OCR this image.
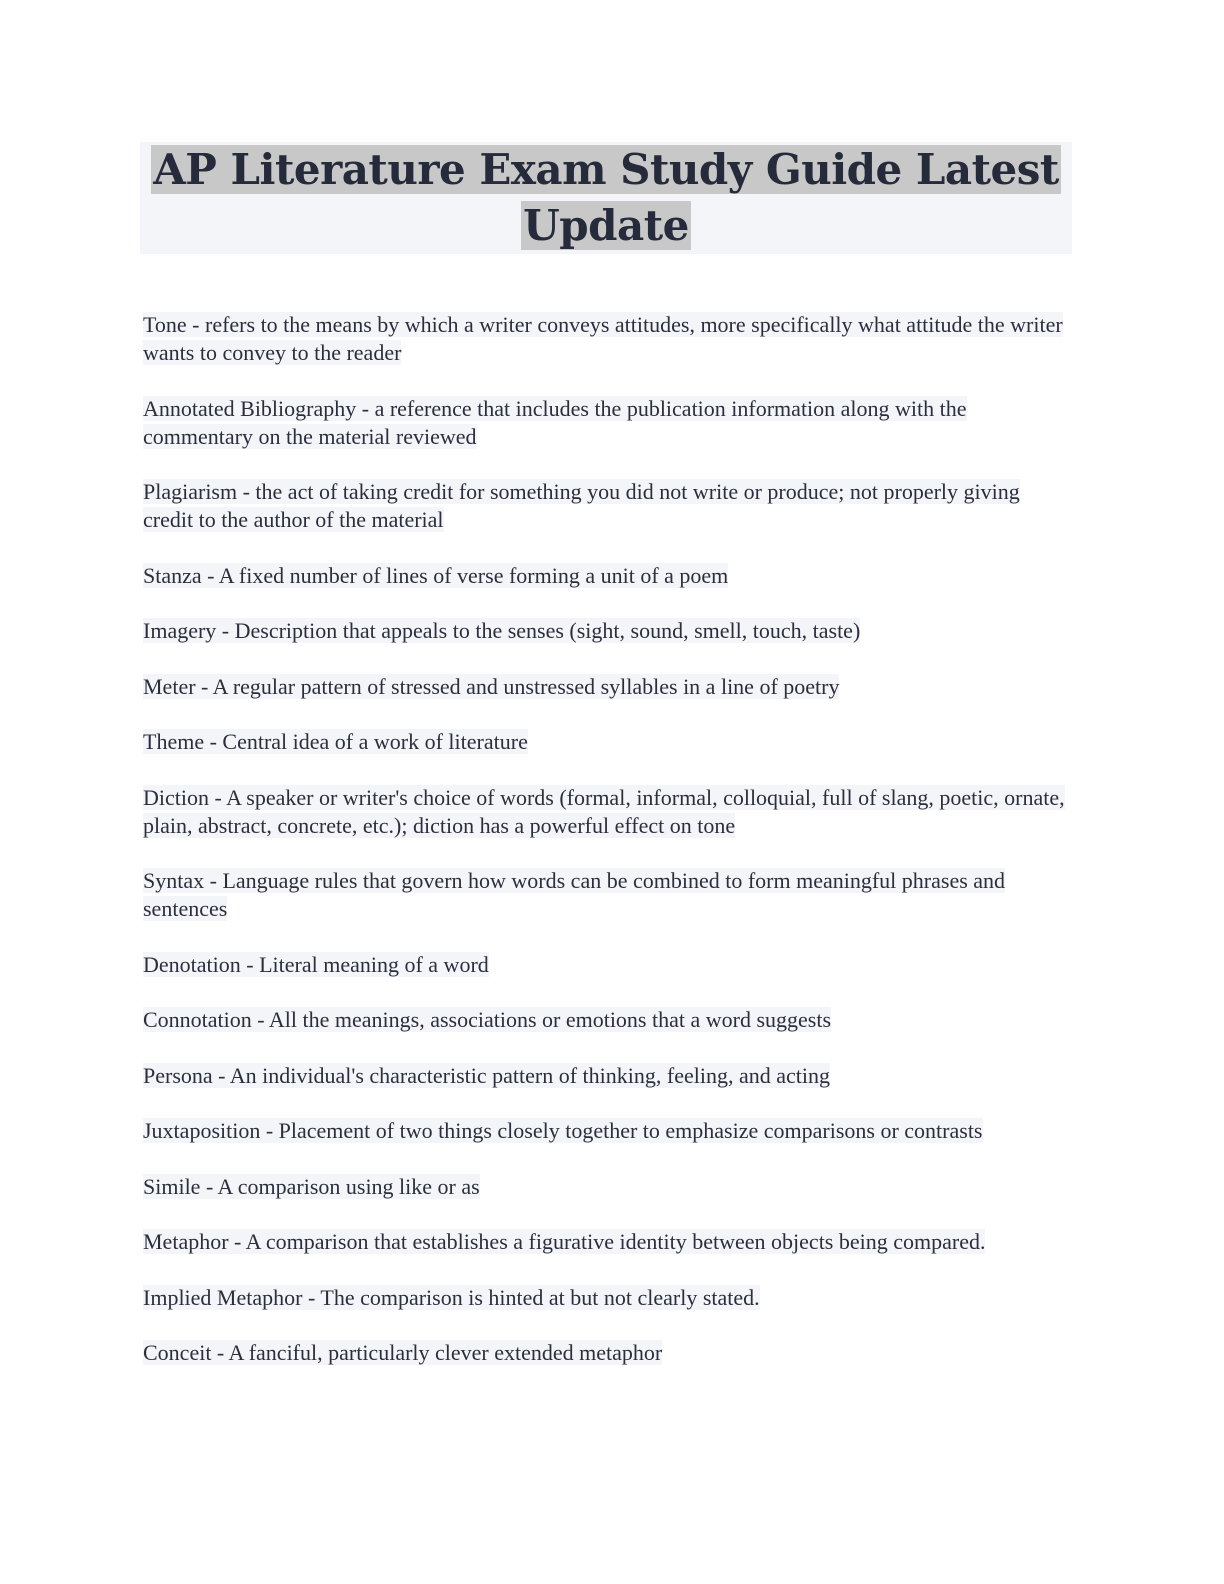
AP Literature Exam Study Guide Latest Update

Tone - refers to the means by which a writer conveys attitudes, more specifically what attitude the writer wants to convey to the reader

Annotated Bibliography - a reference that includes the publication information along with the commentary on the material reviewed

Plagiarism - the act of taking credit for something you did not write or produce; not properly giving credit to the author of the material

Stanza - A fixed number of lines of verse forming a unit of a poem

Imagery - Description that appeals to the senses (sight, sound, smell, touch, taste)

Meter - A regular pattern of stressed and unstressed syllables in a line of poetry

Theme - Central idea of a work of literature

Diction - A speaker or writer's choice of words (formal, informal, colloquial, full of slang, poetic, ornate, plain, abstract, concrete, etc.); diction has a powerful effect on tone

Syntax - Language rules that govern how words can be combined to form meaningful phrases and sentences

Denotation - Literal meaning of a word

Connotation - All the meanings, associations or emotions that a word suggests

Persona - An individual's characteristic pattern of thinking, feeling, and acting

Juxtaposition - Placement of two things closely together to emphasize comparisons or contrasts

Simile - A comparison using like or as

Metaphor - A comparison that establishes a figurative identity between objects being compared.

Implied Metaphor - The comparison is hinted at but not clearly stated.

Conceit - A fanciful, particularly clever extended metaphor
